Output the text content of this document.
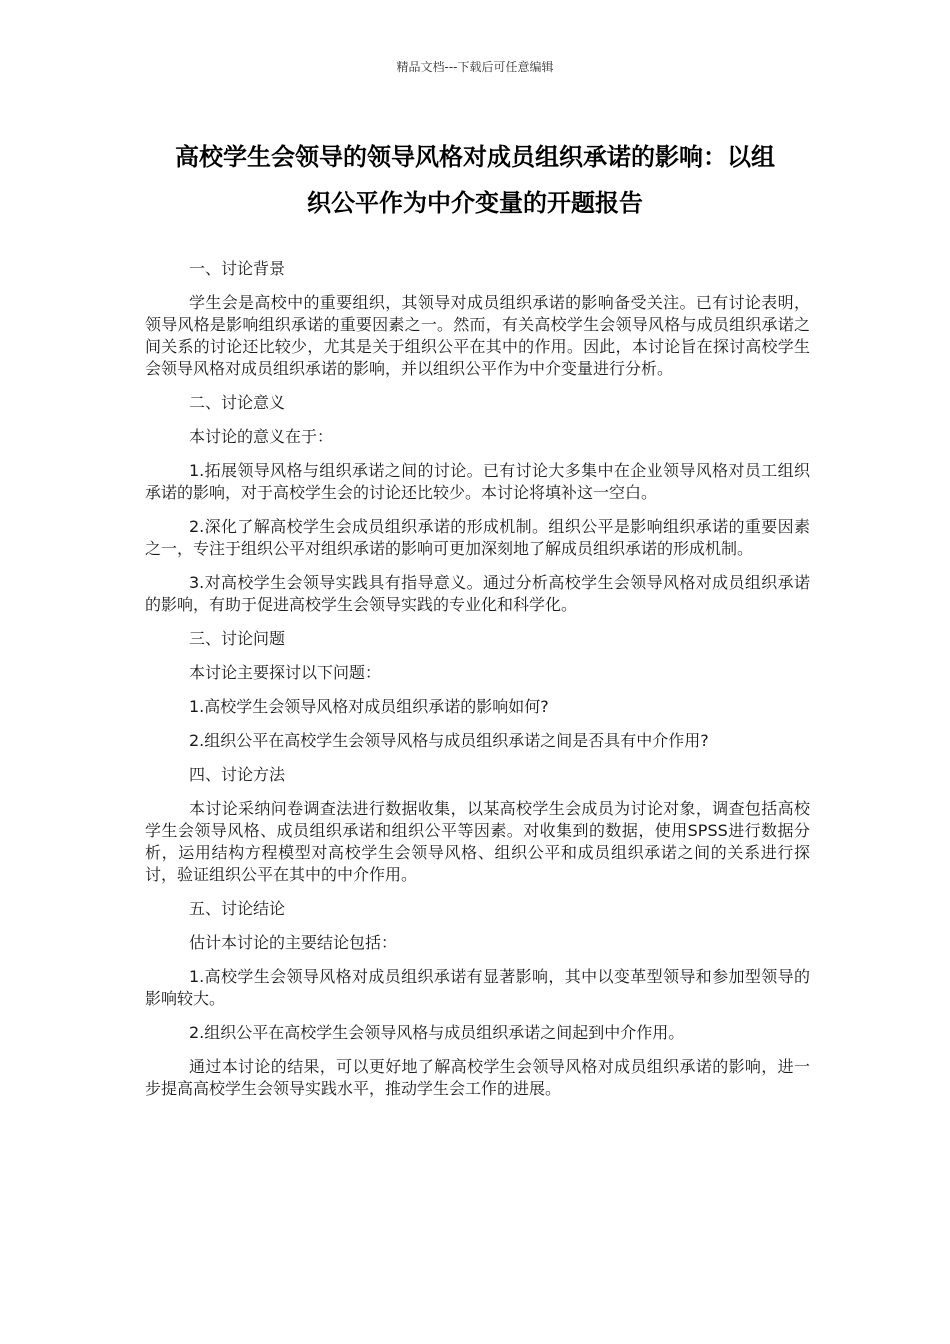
精品文档---下载后可任意编辑
高校学生会领导的领导风格对成员组织承诺的影响：以组
织公平作为中介变量的开题报告

一、讨论背景

学生会是高校中的重要组织，其领导对成员组织承诺的影响备受关注。已有讨论表明，领导风格是影响组织承诺的重要因素之一。然而，有关高校学生会领导风格与成员组织承诺之间关系的讨论还比较少，尤其是关于组织公平在其中的作用。因此，本讨论旨在探讨高校学生会领导风格对成员组织承诺的影响，并以组织公平作为中介变量进行分析。

二、讨论意义

本讨论的意义在于：

1.拓展领导风格与组织承诺之间的讨论。已有讨论大多集中在企业领导风格对员工组织承诺的影响，对于高校学生会的讨论还比较少。本讨论将填补这一空白。

2.深化了解高校学生会成员组织承诺的形成机制。组织公平是影响组织承诺的重要因素之一，专注于组织公平对组织承诺的影响可更加深刻地了解成员组织承诺的形成机制。

3.对高校学生会领导实践具有指导意义。通过分析高校学生会领导风格对成员组织承诺的影响，有助于促进高校学生会领导实践的专业化和科学化。

三、讨论问题

本讨论主要探讨以下问题：

1.高校学生会领导风格对成员组织承诺的影响如何?

2.组织公平在高校学生会领导风格与成员组织承诺之间是否具有中介作用?

四、讨论方法

本讨论采纳问卷调查法进行数据收集，以某高校学生会成员为讨论对象，调查包括高校学生会领导风格、成员组织承诺和组织公平等因素。对收集到的数据，使用SPSS进行数据分析，运用结构方程模型对高校学生会领导风格、组织公平和成员组织承诺之间的关系进行探讨，验证组织公平在其中的中介作用。

五、讨论结论

估计本讨论的主要结论包括：

1.高校学生会领导风格对成员组织承诺有显著影响，其中以变革型领导和参加型领导的影响较大。

2.组织公平在高校学生会领导风格与成员组织承诺之间起到中介作用。

通过本讨论的结果，可以更好地了解高校学生会领导风格对成员组织承诺的影响，进一步提高高校学生会领导实践水平，推动学生会工作的进展。
